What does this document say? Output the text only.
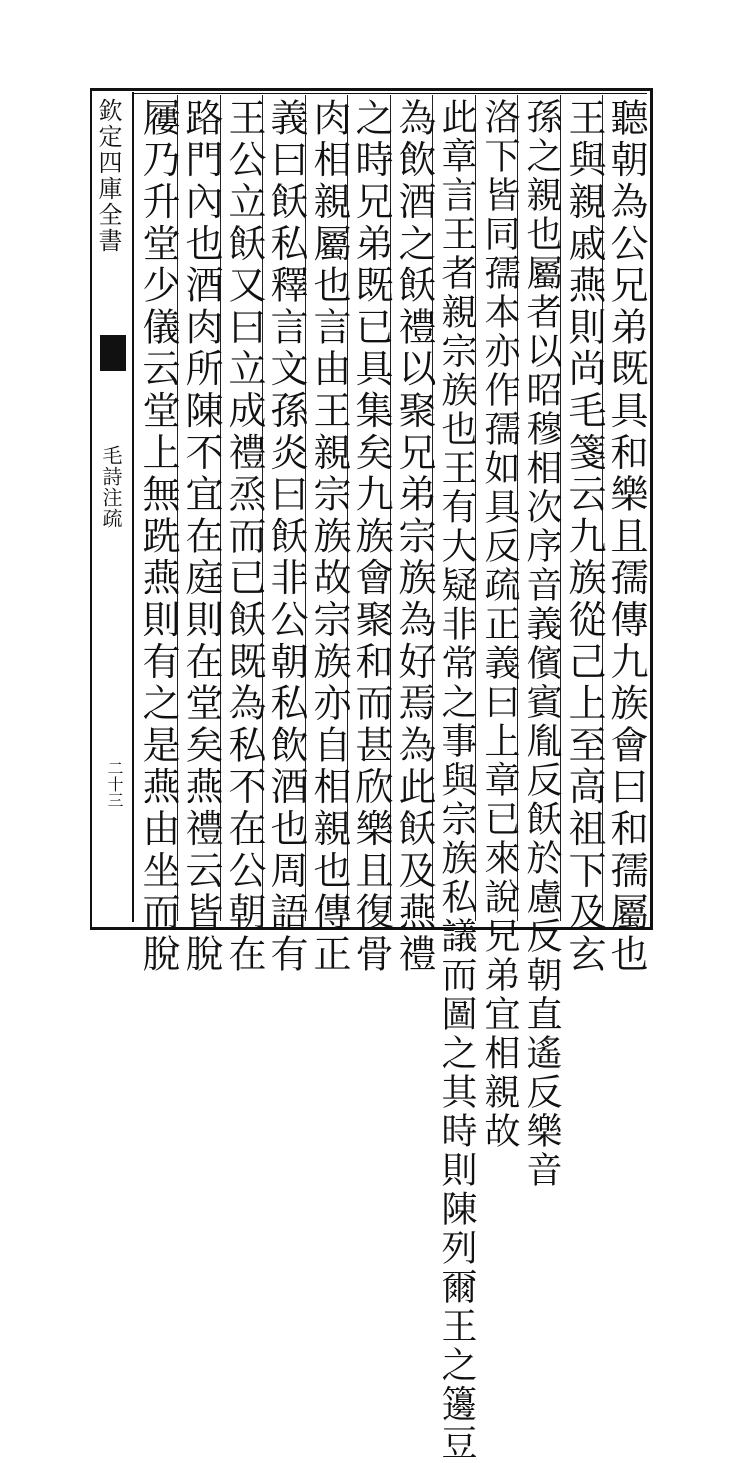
欽定四庫全書
毛詩注疏
二十三	聽朝為公兄弟既具和樂且孺傳九族會曰和孺屬也
王與親戚燕則尚毛箋云九族從己上至高祖下及玄
孫之親也屬者以昭穆相次序音義儐賓胤反飫於慮反朝直遙反樂音
洛下皆同孺本亦作孺如具反疏正義曰上章已來說兄弟宜相親故
此章言王者親宗族也王有大疑非常之事與宗族私議而圖之其時則陳列爾王之籩豆
為飲酒之飫禮以聚兄弟宗族為好焉為此飫及燕禮
之時兄弟既已具集矣九族會聚和而甚欣樂且復骨
肉相親屬也言由王親宗族故宗族亦自相親也傳正
義曰飫私釋言文孫炎曰飫非公朝私飲酒也周語有
王公立飫又曰立成禮烝而已飫既為私不在公朝在
路門內也酒肉所陳不宜在庭則在堂矣燕禮云皆脫
屨乃升堂少儀云堂上無跣燕則有之是燕由坐而脫
